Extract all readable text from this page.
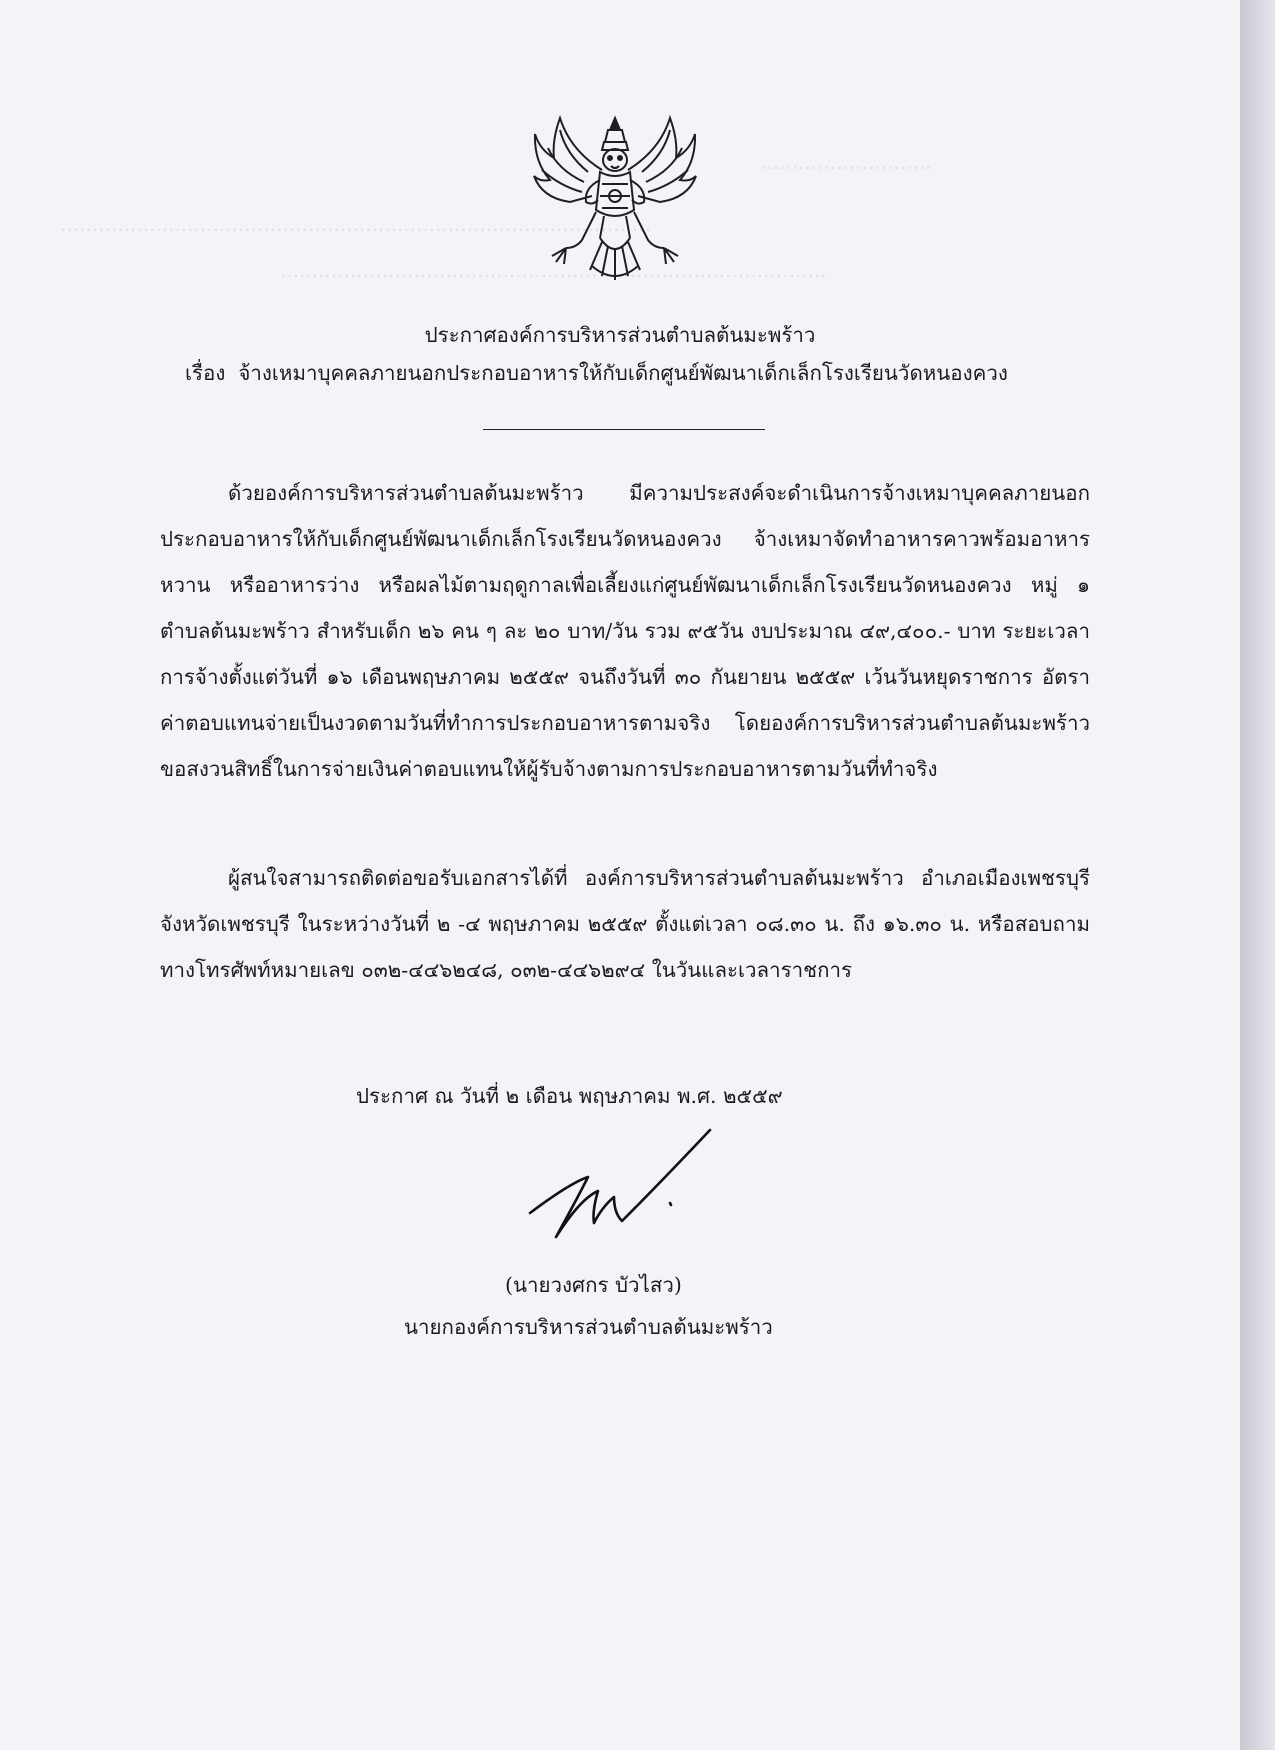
...........................
.............................................................................................
......................................................................................
ประกาศองค์การบริหารส่วนตำบลต้นมะพร้าว
เรื่อง จ้างเหมาบุคคลภายนอกประกอบอาหารให้กับเด็กศูนย์พัฒนาเด็กเล็กโรงเรียนวัดหนองควง
ด้วยองค์การบริหารส่วนตำบลต้นมะพร้าว มีความประสงค์จะดำเนินการจ้างเหมาบุคคลภายนอกประกอบอาหารให้กับเด็กศูนย์พัฒนาเด็กเล็กโรงเรียนวัดหนองควง จ้างเหมาจัดทำอาหารคาวพร้อมอาหารหวาน หรืออาหารว่าง หรือผลไม้ตามฤดูกาลเพื่อเลี้ยงแก่ศูนย์พัฒนาเด็กเล็กโรงเรียนวัดหนองควง หมู่ ๑ ตำบลต้นมะพร้าว สำหรับเด็ก ๒๖ คน ๆ ละ ๒๐ บาท/วัน รวม ๙๕วัน งบประมาณ ๔๙,๔๐๐.- บาท ระยะเวลาการจ้างตั้งแต่วันที่ ๑๖ เดือนพฤษภาคม ๒๕๕๙ จนถึงวันที่ ๓๐ กันยายน ๒๕๕๙ เว้นวันหยุดราชการ อัตราค่าตอบแทนจ่ายเป็นงวดตามวันที่ทำการประกอบอาหารตามจริง โดยองค์การบริหารส่วนตำบลต้นมะพร้าวขอสงวนสิทธิ์ในการจ่ายเงินค่าตอบแทนให้ผู้รับจ้างตามการประกอบอาหารตามวันที่ทำจริง
ผู้สนใจสามารถติดต่อขอรับเอกสารได้ที่ องค์การบริหารส่วนตำบลต้นมะพร้าว อำเภอเมืองเพชรบุรี จังหวัดเพชรบุรี ในระหว่างวันที่ ๒ -๔ พฤษภาคม ๒๕๕๙ ตั้งแต่เวลา ๐๘.๓๐ น. ถึง ๑๖.๓๐ น. หรือสอบถามทางโทรศัพท์หมายเลข ๐๓๒-๔๔๖๒๔๘, ๐๓๒-๔๔๖๒๙๔ ในวันและเวลาราชการ
ประกาศ ณ วันที่ ๒ เดือน พฤษภาคม พ.ศ. ๒๕๕๙
(นายวงศกร บัวไสว)
นายกองค์การบริหารส่วนตำบลต้นมะพร้าว
